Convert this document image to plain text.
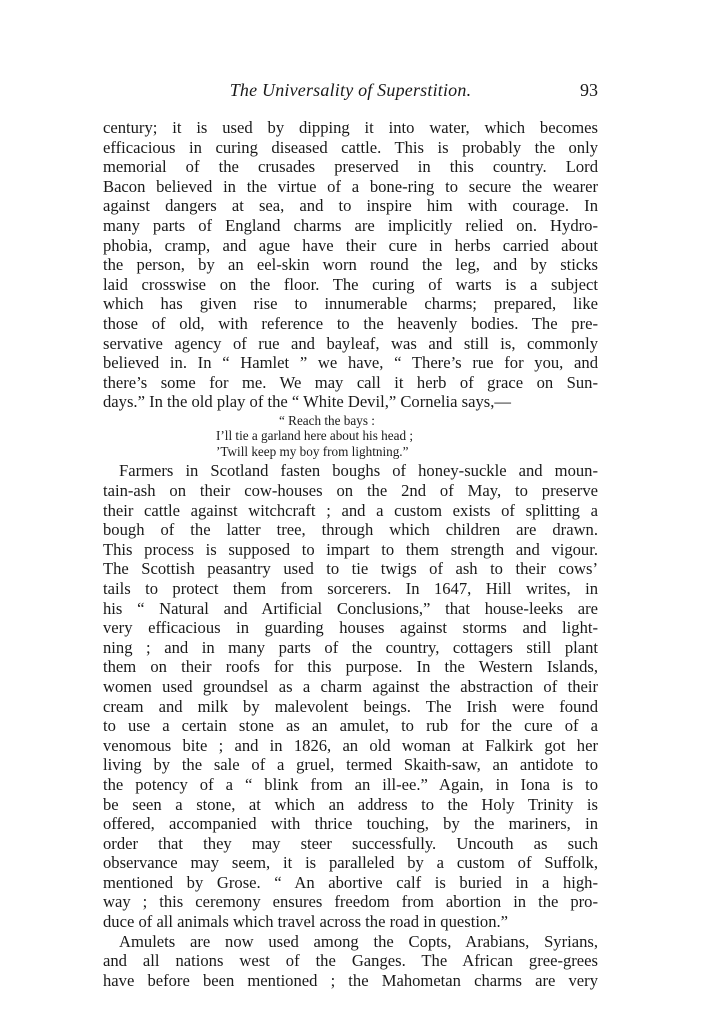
The Universality of Superstition.	93
century; it is used by dipping it into water, which becomes
efficacious in curing diseased cattle. This is probably the only
memorial of the crusades preserved in this country. Lord
Bacon believed in the virtue of a bone-ring to secure the wearer
against dangers at sea, and to inspire him with courage. In
many parts of England charms are implicitly relied on. Hydro-
phobia, cramp, and ague have their cure in herbs carried about
the person, by an eel-skin worn round the leg, and by sticks
laid crosswise on the floor. The curing of warts is a subject
which has given rise to innumerable charms; prepared, like
those of old, with reference to the heavenly bodies. The pre-
servative agency of rue and bayleaf, was and still is, commonly
believed in. In “ Hamlet ” we have, “ There’s rue for you, and
there’s some for me. We may call it herb of grace on Sun-
days.” In the old play of the “ White Devil,” Cornelia says,—
“ Reach the bays :
I’ll tie a garland here about his head ;
’Twill keep my boy from lightning.”
Farmers in Scotland fasten boughs of honey-suckle and moun-
tain-ash on their cow-houses on the 2nd of May, to preserve
their cattle against witchcraft ; and a custom exists of splitting a
bough of the latter tree, through which children are drawn.
This process is supposed to impart to them strength and vigour.
The Scottish peasantry used to tie twigs of ash to their cows’
tails to protect them from sorcerers. In 1647, Hill writes, in
his “ Natural and Artificial Conclusions,” that house-leeks are
very efficacious in guarding houses against storms and light-
ning ; and in many parts of the country, cottagers still plant
them on their roofs for this purpose. In the Western Islands,
women used groundsel as a charm against the abstraction of their
cream and milk by malevolent beings. The Irish were found
to use a certain stone as an amulet, to rub for the cure of a
venomous bite ; and in 1826, an old woman at Falkirk got her
living by the sale of a gruel, termed Skaith-saw, an antidote to
the potency of a “ blink from an ill-ee.” Again, in Iona is to
be seen a stone, at which an address to the Holy Trinity is
offered, accompanied with thrice touching, by the mariners, in
order that they may steer successfully. Uncouth as such
observance may seem, it is paralleled by a custom of Suffolk,
mentioned by Grose. “ An abortive calf is buried in a high-
way ; this ceremony ensures freedom from abortion in the pro-
duce of all animals which travel across the road in question.”
Amulets are now used among the Copts, Arabians, Syrians,
and all nations west of the Ganges. The African gree-grees
have before been mentioned ; the Mahometan charms are very
